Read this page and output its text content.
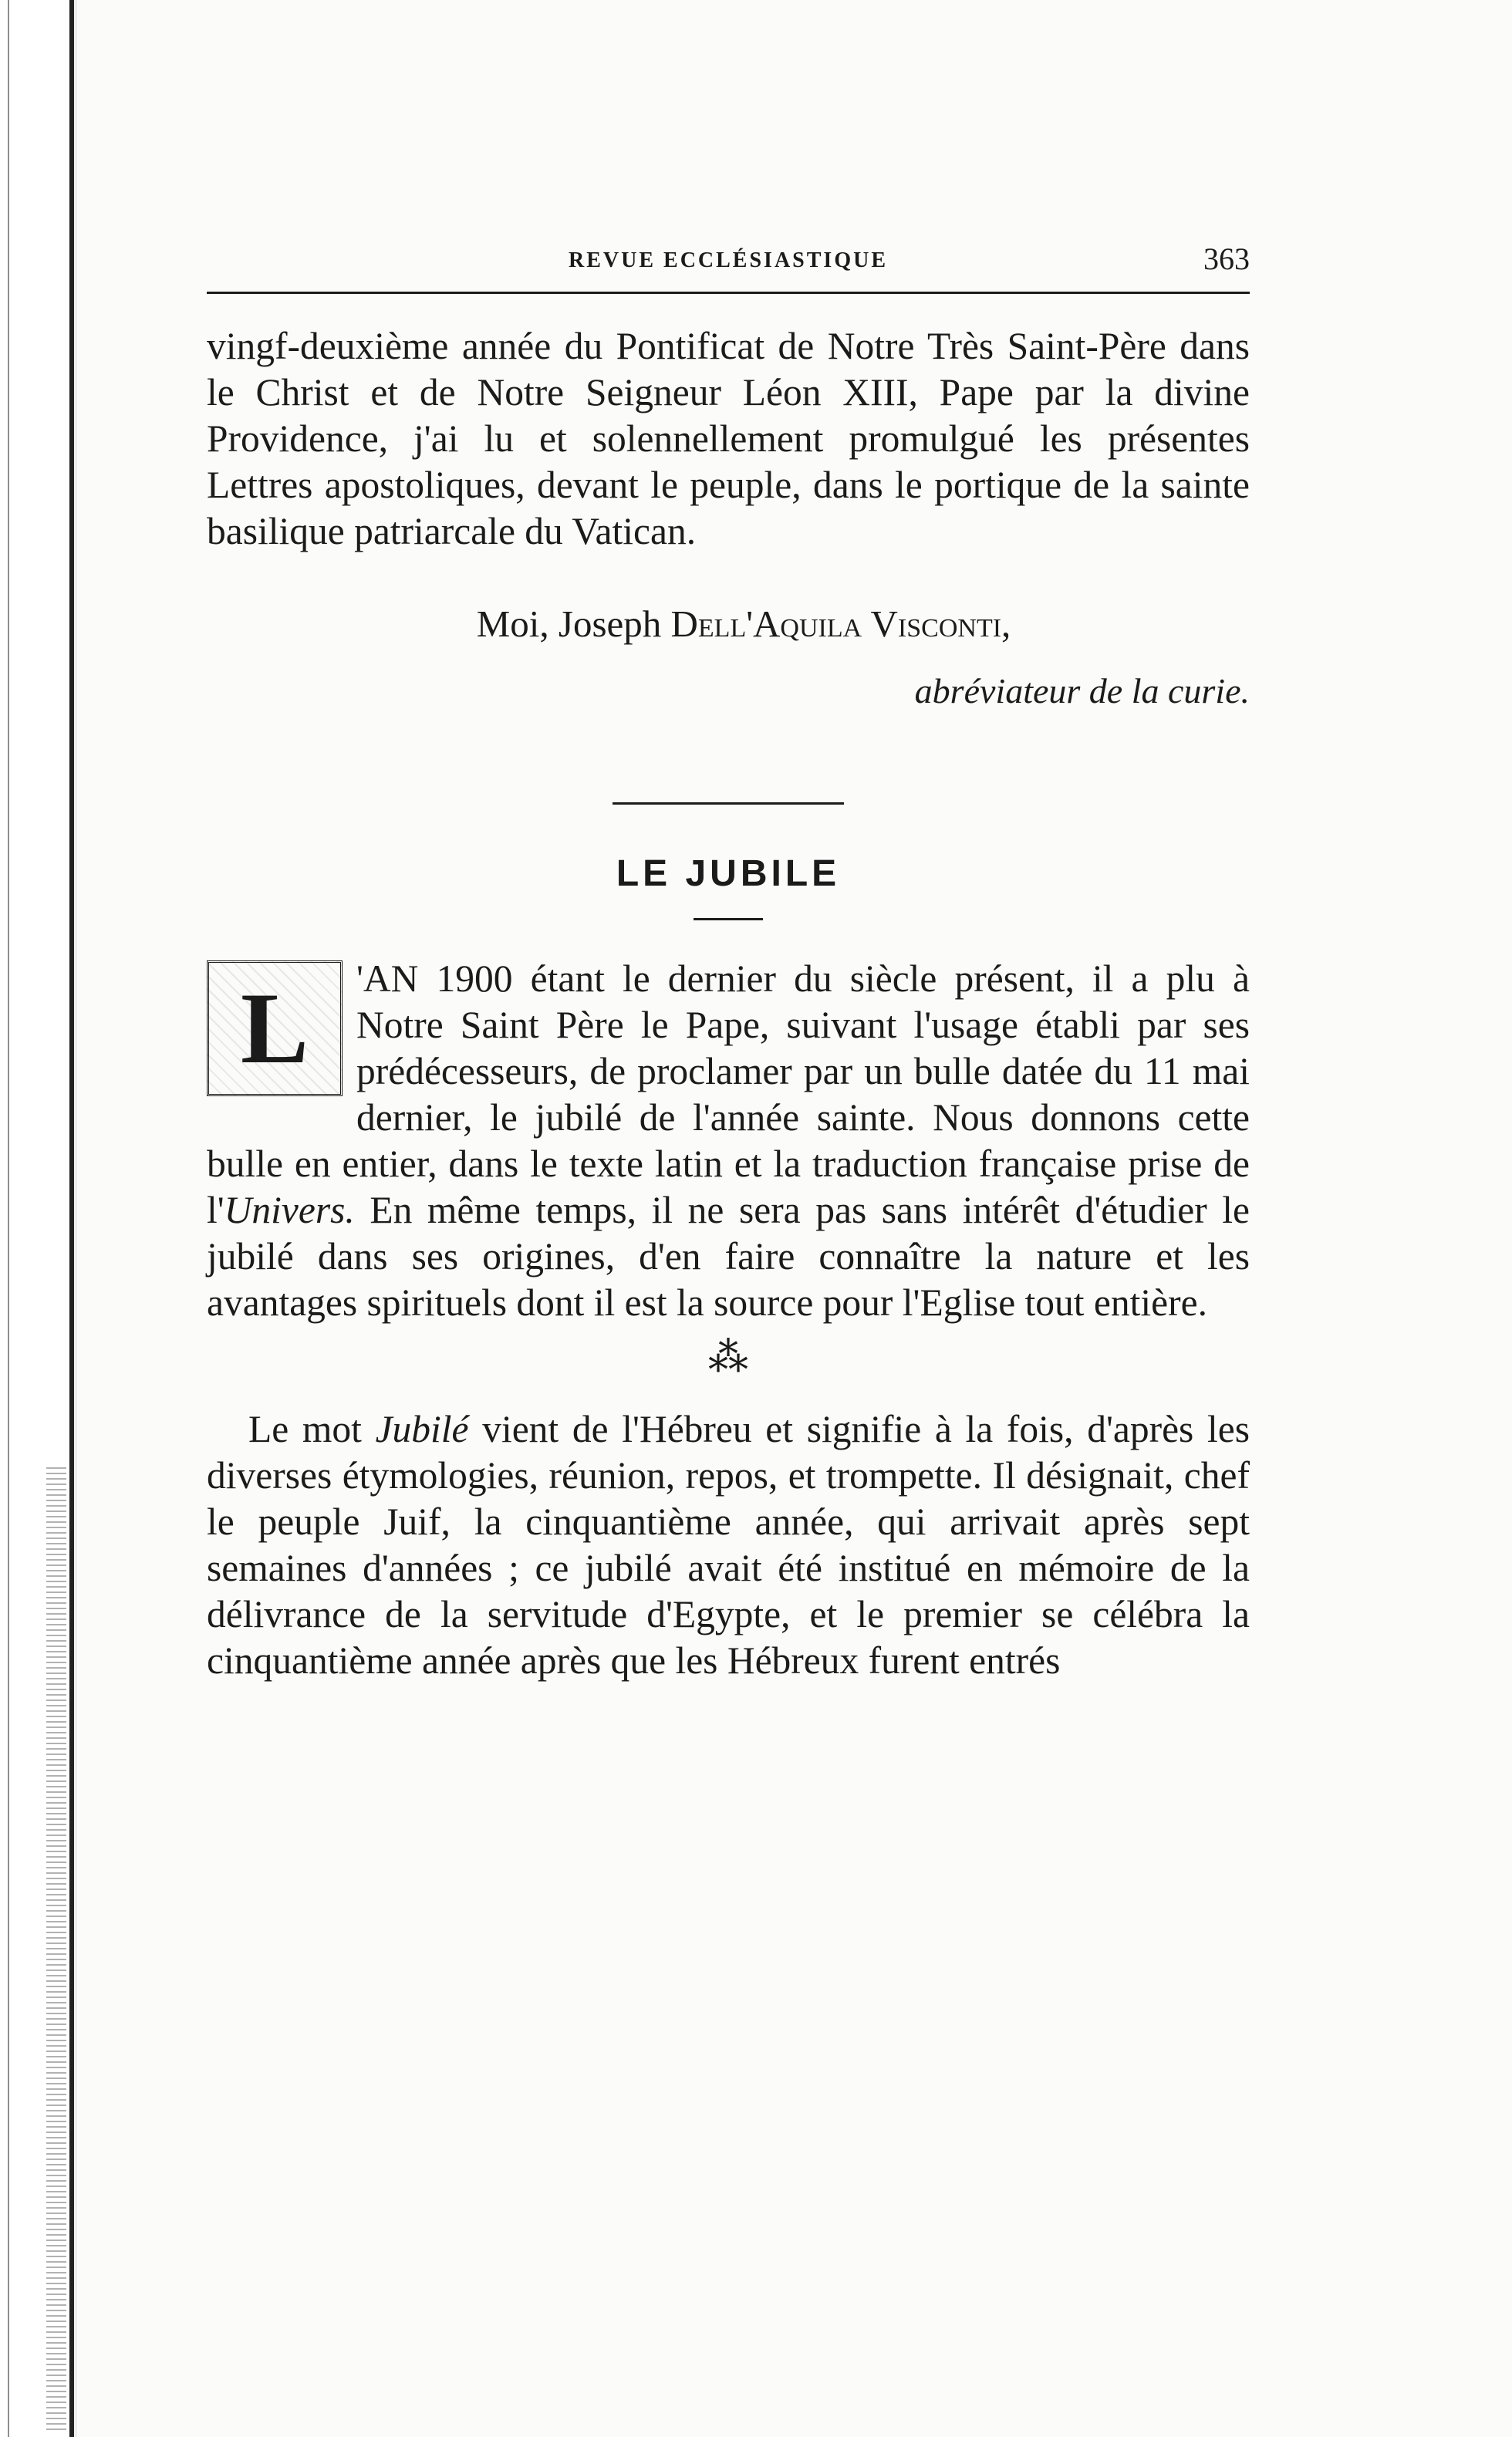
REVUE ECCLÉSIASTIQUE	363

vingf-deuxième année du Pontificat de Notre Très Saint-Père dans le Christ et de Notre Seigneur Léon XIII, Pape par la divine Providence, j'ai lu et solennellement promulgué les présentes Lettres apostoliques, devant le peuple, dans le portique de la sainte basilique patriarcale du Vatican.

Moi, Joseph Dell'Aquila Visconti,
abréviateur de la curie.
LE JUBILE
L	'AN 1900 étant le dernier du siècle présent, il a plu à Notre Saint Père le Pape, suivant l'usage établi par ses prédécesseurs, de proclamer par un bulle datée du 11 mai dernier, le jubilé de l'année sainte. Nous donnons cette bulle en entier, dans le texte latin et la traduction française prise de l'Univers. En même temps, il ne sera pas sans intérêt d'étudier le jubilé dans ses origines, d'en faire connaître la nature et les avantages spirituels dont il est la source pour l'Eglise tout entière.

⁂

Le mot Jubilé vient de l'Hébreu et signifie à la fois, d'après les diverses étymologies, réunion, repos, et trompette. Il désignait, chef le peuple Juif, la cinquantième année, qui arrivait après sept semaines d'années ; ce jubilé avait été institué en mémoire de la délivrance de la servitude d'Egypte, et le premier se célébra la cinquantième année après que les Hébreux furent entrés
